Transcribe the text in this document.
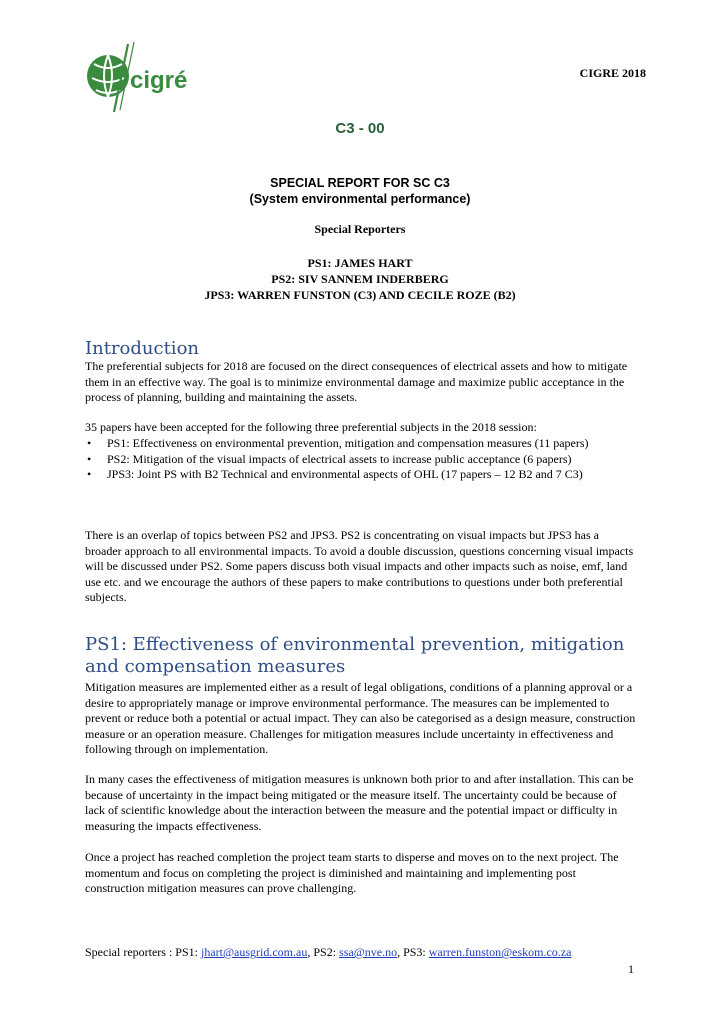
cigré	CIGRE 2018
C3 - 00
SPECIAL REPORT FOR SC C3
(System environmental performance)
Special Reporters
PS1: JAMES HART
PS2: SIV SANNEM INDERBERG
JPS3: WARREN FUNSTON (C3) AND CECILE ROZE (B2)
Introduction

The preferential subjects for 2018 are focused on the direct consequences of electrical assets and how to mitigate them in an effective way. The goal is to minimize environmental damage and maximize public acceptance in the process of planning, building and maintaining the assets.

35 papers have been accepted for the following three preferential subjects in the 2018 session:

• PS1: Effectiveness on environmental prevention, mitigation and compensation measures (11 papers)
• PS2: Mitigation of the visual impacts of electrical assets to increase public acceptance (6 papers)
• JPS3: Joint PS with B2 Technical and environmental aspects of OHL (17 papers – 12 B2 and 7 C3)

There is an overlap of topics between PS2 and JPS3. PS2 is concentrating on visual impacts but JPS3 has a broader approach to all environmental impacts. To avoid a double discussion, questions concerning visual impacts will be discussed under PS2. Some papers discuss both visual impacts and other impacts such as noise, emf, land use etc. and we encourage the authors of these papers to make contributions to questions under both preferential subjects.

PS1: Effectiveness of environmental prevention, mitigation and compensation measures

Mitigation measures are implemented either as a result of legal obligations, conditions of a planning approval or a desire to appropriately manage or improve environmental performance. The measures can be implemented to prevent or reduce both a potential or actual impact. They can also be categorised as a design measure, construction measure or an operation measure. Challenges for mitigation measures include uncertainty in effectiveness and following through on implementation.

In many cases the effectiveness of mitigation measures is unknown both prior to and after installation. This can be because of uncertainty in the impact being mitigated or the measure itself. The uncertainty could be because of lack of scientific knowledge about the interaction between the measure and the potential impact or difficulty in measuring the impacts effectiveness.

Once a project has reached completion the project team starts to disperse and moves on to the next project. The momentum and focus on completing the project is diminished and maintaining and implementing post construction mitigation measures can prove challenging.

Special reporters : PS1: jhart@ausgrid.com.au, PS2: ssa@nve.no, PS3: warren.funston@eskom.co.za
1
